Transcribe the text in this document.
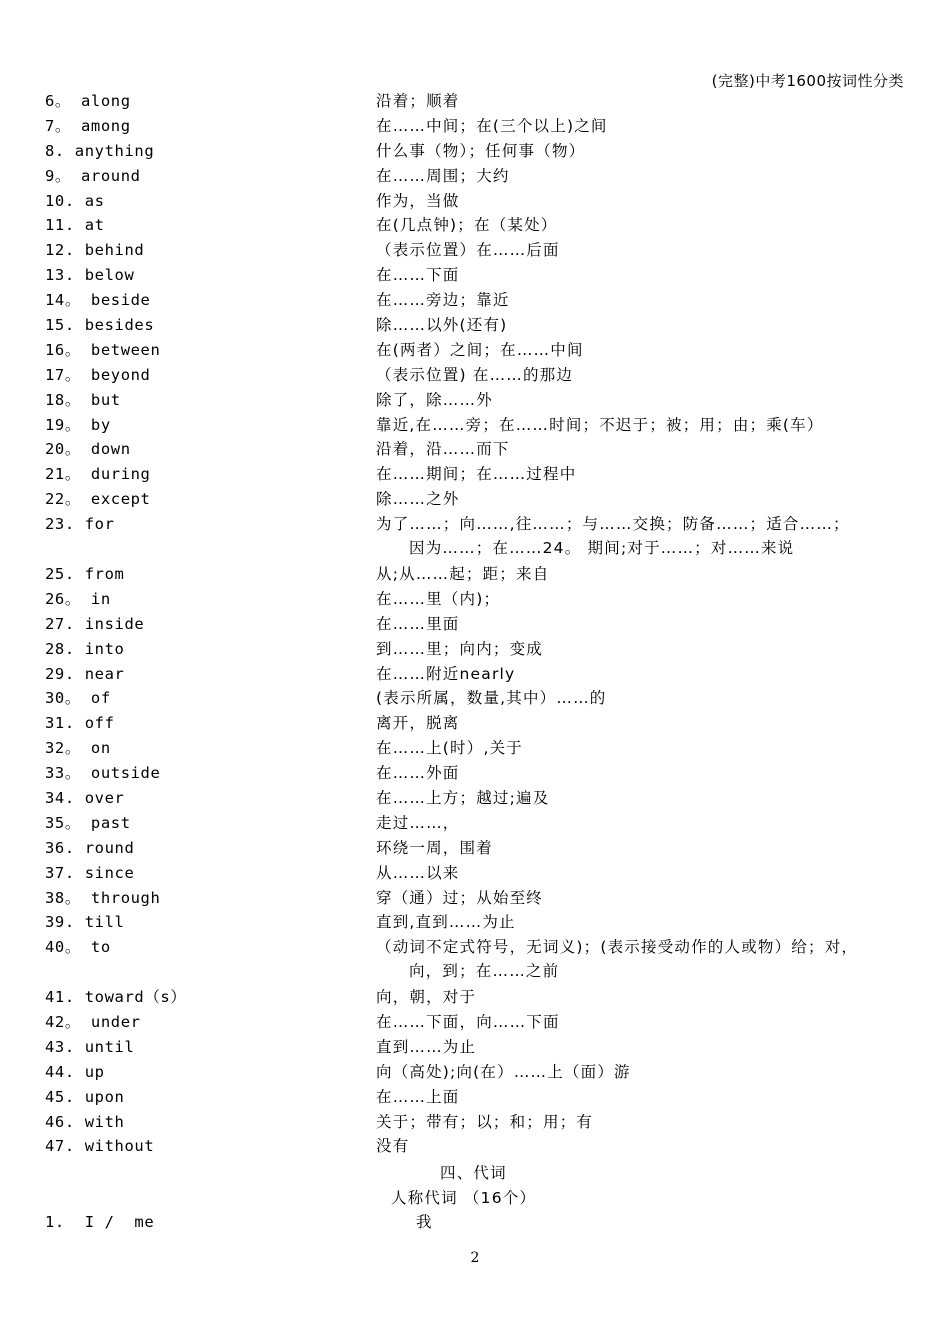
(完整)中考1600按词性分类
6。 along	沿着；顺着
7。 among	在……中间；在(三个以上)之间
8. anything	什么事（物）；任何事（物）
9。 around	在……周围；大约
10. as	作为，当做
11. at	在(几点钟)；在（某处）
12. behind	（表示位置）在……后面
13. below	在……下面
14。 beside	在……旁边；靠近
15. besides	除……以外(还有)
16。 between	在(两者）之间；在……中间
17。 beyond	（表示位置) 在……的那边
18。 but	除了，除……外
19。 by	靠近,在……旁；在……时间；不迟于；被；用；由；乘(车）
20。 down	沿着，沿……而下
21。 during	在……期间；在……过程中
22。 except	除……之外
23. for	为了……；向……,往……；与……交换；防备……；适合……；
因为……；在……24。 期间;对于……；对……来说
25. from	从;从……起；距；来自
26。 in	在……里（内)；
27. inside	在……里面
28. into	到……里；向内；变成
29. near	在……附近nearly
30。 of	(表示所属，数量,其中）……的
31. off	离开，脱离
32。 on	在……上(时）,关于
33。 outside	在……外面
34. over	在……上方；越过;遍及
35。 past	走过……，
36. round	环绕一周，围着
37. since	从……以来
38。 through	穿（通）过；从始至终
39. till	直到,直到……为止
40。 to	（动词不定式符号，无词义)；(表示接受动作的人或物）给；对，
向，到；在……之前
41. toward（s）	向，朝，对于
42。 under	在……下面，向……下面
43. until	直到……为止
44. up	向（高处);向(在）……上（面）游
45. upon	在……上面
46. with	关于；带有；以；和；用；有
47. without	没有
四、代词
人称代词 （16个）
1.  I /  me	我
2
